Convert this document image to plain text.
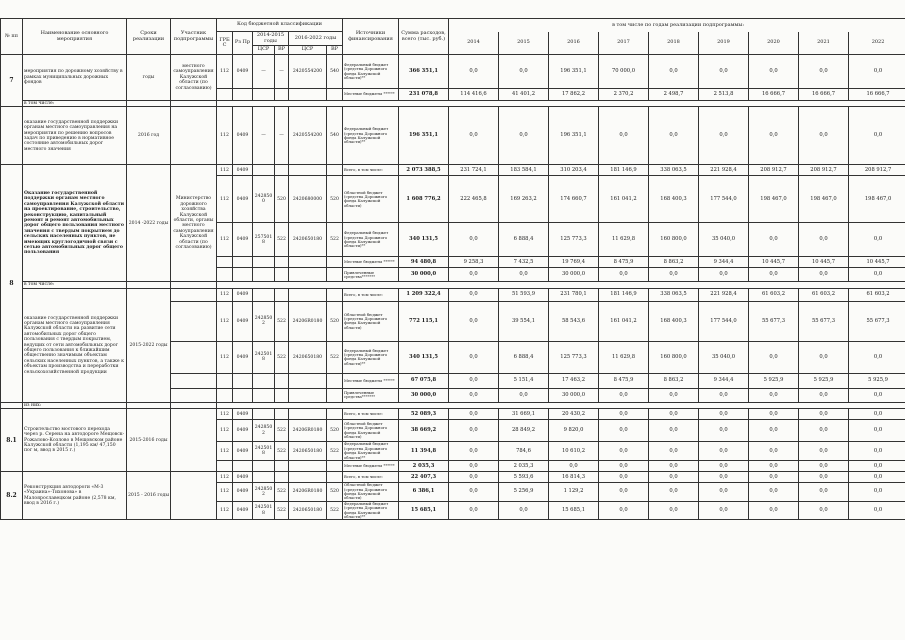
№ пп	Наименование основного мероприятия	Сроки реализации	Участник подпрограммы	Код бюджетной классификации						Источники финансирования	Сумма расходов, всего (тыс. руб.)	в том числе по годам реализации подпрограммы:								
				ГРБС	Рз Пр	2014-2015 годы		2016-2022 годы				2014	2015	2016	2017	2018	2019	2020	2021	2022
						ЦСР	ВР	ЦСР	ВР											
7	мероприятия по дорожному хозяйству в рамках муниципальных дорожных фондов	годы	местного самоуправления Калужской области (по согласованию)	112	0409	—	—	2420554200	540	Федеральный бюджет (средства Дорожного фонда Калужской области)**	366 351,1	0,0	0,0	196 351,1	70 000,0	0,0	0,0	0,0	0,0	0,0
										Местные бюджеты ******	231 078,8	114 416,6	41 401,2	17 862,2	2 370,2	2 498,7	2 513,8	16 666,7	16 666,7	16 666,7
	в том числе:																			
	оказание государственной поддержки органам местного самоуправления на мероприятия по решению вопросов задач по приведению в нормативное состояние автомобильных дорог местного значения	2016 год		112	0409	—	—	2420554200	540	Федеральный бюджет (средства Дорожного фонда Калужской области)**	196 351,1	0,0	0,0	196 351,1	0,0	0,0	0,0	0,0	0,0	0,0
8	Оказание государственной поддержки органам местного самоуправления Калужской области на проектирование, строительство, реконструкцию, капитальный ремонт и ремонт автомобильных дорог общего пользования местного значения с твердым покрытием до сельских населенных пунктов, не имеющих круглогодичной связи с сетью автомобильных дорог общего пользования	2014 -2022 годы	Министерство дорожного хозяйства Калужской области, органы местного самоуправления Калужской области (по согласованию)	112	0409					Всего, в том числе:	2 073 388,5	231 724,1	183 584,1	310 203,4	181 146,9	338 063,5	221 928,4	208 912,7	208 912,7	208 912,7
				112	0409	2428500	520	2420680000	520	Областной бюджет (средства Дорожного фонда Калужской области)	1 608 776,2	222 465,8	169 263,2	174 660,7	161 041,2	168 400,3	177 544,0	198 467,0	198 467,0	198 467,0
				112	0409	2575018	522	2420650180	522	Федеральный бюджет (средства Дорожного фонда Калужской области)**	340 131,5	0,0	6 888,4	125 773,3	11 629,8	160 800,0	35 040,0	0,0	0,0	0,0
										Местные бюджеты ******	94 480,8	9 258,3	7 432,5	19 769,4	8 475,9	8 863,2	9 344,4	10 445,7	10 445,7	10 445,7
										Привлеченные средства*******	30 000,0	0,0	0,0	30 000,0	0,0	0,0	0,0	0,0	0,0	0,0
	в том числе:																			
	оказание государственной поддержки органам местного самоуправления Калужской области на развитие сети автомобильных дорог общего пользования с твердым покрытием, ведущих от сети автомобильных дорог общего пользования к ближайшим общественно значимым объектам сельских населенных пунктов, а также к объектам производства и переработки сельскохозяйственной продукции	2015-2022 годы		112	0409					Всего, в том числе:	1 209 322,4	0,0	51 593,9	231 780,1	181 146,9	338 063,5	221 928,4	61 603,2	61 603,2	61 603,2
				112	0409	2428502	522	24206R0180	520	Областной бюджет (средства Дорожного фонда Калужской области)	772 115,1	0,0	39 554,1	58 543,6	161 041,2	168 400,3	177 544,0	55 677,3	55 677,3	55 677,3
				112	0409	2425018	522	2420650180	522	Федеральный бюджет (средства Дорожного фонда Калужской области)**	340 131,5	0,0	6 888,4	125 773,3	11 629,8	160 800,0	35 040,0	0,0	0,0	0,0
										Местные бюджеты ******	67 075,8	0,0	5 151,4	17 463,2	8 475,9	8 863,2	9 344,4	5 925,9	5 925,9	5 925,9
										Привлеченные средства*******	30 000,0	0,0	0,0	30 000,0	0,0	0,0	0,0	0,0	0,0	0,0
	из них:																			
8.1	Строительство мостового перехода через р. Серена на автодороге Мещовск-Рожалово-Козлово в Мещовском районе Калужской области (1,195 км/ 47,150 пог м, ввод в 2015 г.)	2015-2016 годы		112	0409					Всего, в том числе:	52 089,3	0,0	31 669,1	20 430,2	0,0	0,0	0,0	0,0	0,0	0,0
				112	0409	2428502	522	24206R0180	520	Областной бюджет (средства Дорожного фонда Калужской области)	38 669,2	0,0	28 849,2	9 820,0	0,0	0,0	0,0	0,0	0,0	0,0
				112	0409	2425018	522	2420650180	522	Федеральный бюджет (средства Дорожного фонда Калужской области)**	11 394,8	0,0	784,6	10 610,2	0,0	0,0	0,0	0,0	0,0	0,0
										Местные бюджеты ******	2 035,3	0,0	2 035,3	0,0	0,0	0,0	0,0	0,0	0,0	0,0
8.2	Реконструкция автодороги «М-3 «Украина»-Тихонова» в Малоярославецком районе (2,578 км, ввод в 2016 г.)	2015 - 2016 годы		112	0409					Всего, в том числе:	22 407,3	0,0	5 593,6	16 814,3	0,0	0,0	0,0	0,0	0,0	0,0
				112	0409	2428502	522	24206R0180	520	Областной бюджет (средства Дорожного фонда Калужской области)	6 386,1	0,0	5 256,9	1 129,2	0,0	0,0	0,0	0,0	0,0	0,0
				112	0409	2425018	522	2420650180	522	Федеральный бюджет (средства Дорожного фонда Калужской области)**	15 685,1	0,0	0,0	15 685,1	0,0	0,0	0,0	0,0	0,0	0,0
